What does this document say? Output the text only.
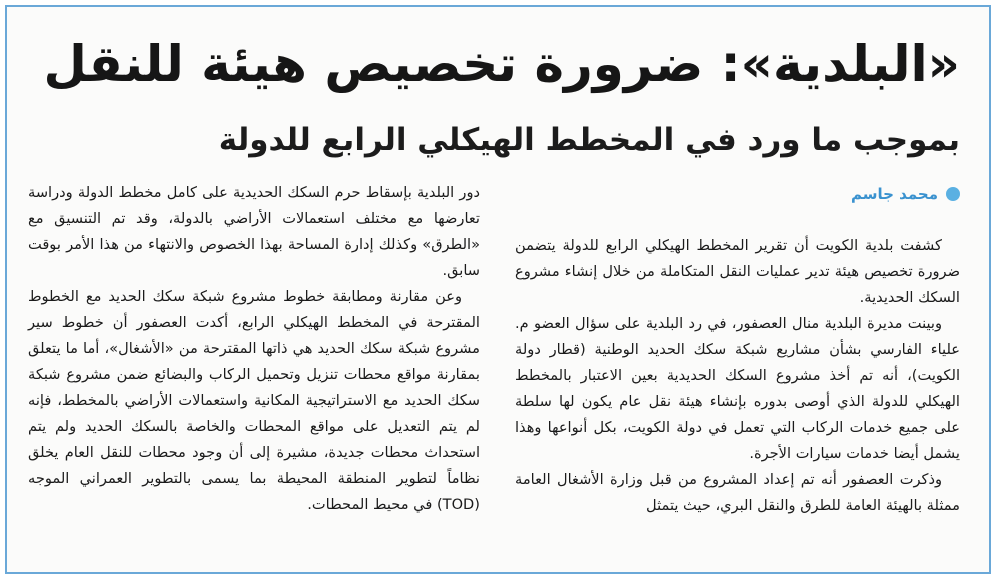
«البلدية»: ضرورة تخصيص هيئة للنقل
بموجب ما ورد في المخطط الهيكلي الرابع للدولة
محمد جاسم

كشفت بلدية الكويت أن تقرير المخطط الهيكلي الرابع للدولة يتضمن ضرورة تخصيص هيئة تدير عمليات النقل المتكاملة من خلال إنشاء مشروع السكك الحديدية.

وبينت مديرة البلدية منال العصفور، في رد البلدية على سؤال العضو م. علياء الفارسي بشأن مشاريع شبكة سكك الحديد الوطنية (قطار دولة الكويت)، أنه تم أخذ مشروع السكك الحديدية بعين الاعتبار بالمخطط الهيكلي للدولة الذي أوصى بدوره بإنشاء هيئة نقل عام يكون لها سلطة على جميع خدمات الركاب التي تعمل في دولة الكويت، بكل أنواعها وهذا يشمل أيضا خدمات سيارات الأجرة.

وذكرت العصفور أنه تم إعداد المشروع من قبل وزارة الأشغال العامة ممثلة بالهيئة العامة للطرق والنقل البري، حيث يتمثل

دور البلدية بإسقاط حرم السكك الحديدية على كامل مخطط الدولة ودراسة تعارضها مع مختلف استعمالات الأراضي بالدولة، وقد تم التنسيق مع «الطرق» وكذلك إدارة المساحة بهذا الخصوص والانتهاء من هذا الأمر بوقت سابق.

وعن مقارنة ومطابقة خطوط مشروع شبكة سكك الحديد مع الخطوط المقترحة في المخطط الهيكلي الرابع، أكدت العصفور أن خطوط سير مشروع شبكة سكك الحديد هي ذاتها المقترحة من «الأشغال»، أما ما يتعلق بمقارنة مواقع محطات تنزيل وتحميل الركاب والبضائع ضمن مشروع شبكة سكك الحديد مع الاستراتيجية المكانية واستعمالات الأراضي بالمخطط، فإنه لم يتم التعديل على مواقع المحطات والخاصة بالسكك الحديد ولم يتم استحداث محطات جديدة، مشيرة إلى أن وجود محطات للنقل العام يخلق نظاماً لتطوير المنطقة المحيطة بما يسمى بالتطوير العمراني الموجه (TOD) في محيط المحطات.
